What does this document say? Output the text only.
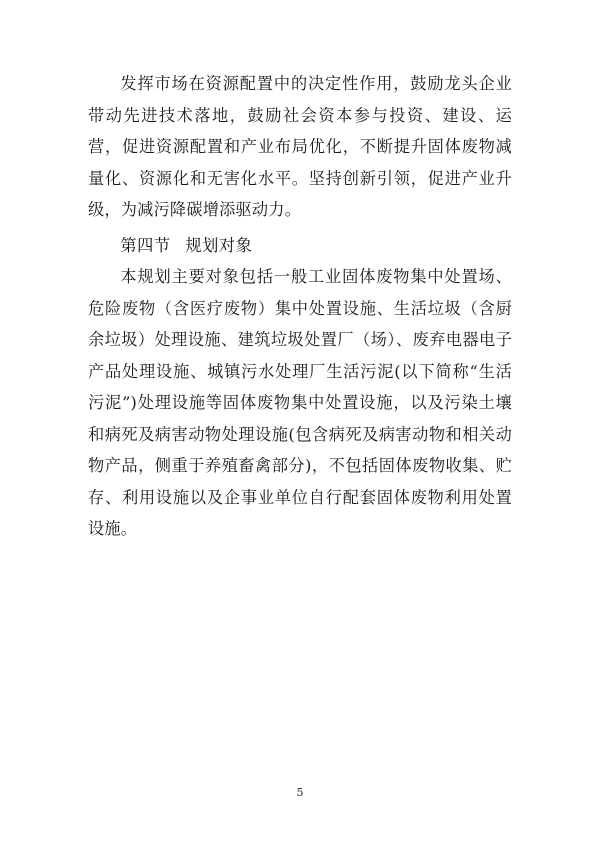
发挥市场在资源配置中的决定性作用，鼓励龙头企业带动先进技术落地，鼓励社会资本参与投资、建设、运营，促进资源配置和产业布局优化，不断提升固体废物减量化、资源化和无害化水平。坚持创新引领，促进产业升级，为减污降碳增添驱动力。

第四节 规划对象

本规划主要对象包括一般工业固体废物集中处置场、危险废物（含医疗废物）集中处置设施、生活垃圾（含厨余垃圾）处理设施、建筑垃圾处置厂（场）、废弃电器电子产品处理设施、城镇污水处理厂生活污泥(以下简称“生活污泥”)处理设施等固体废物集中处置设施，以及污染土壤和病死及病害动物处理设施(包含病死及病害动物和相关动物产品，侧重于养殖畜禽部分)，不包括固体废物收集、贮存、利用设施以及企事业单位自行配套固体废物利用处置设施。

5
